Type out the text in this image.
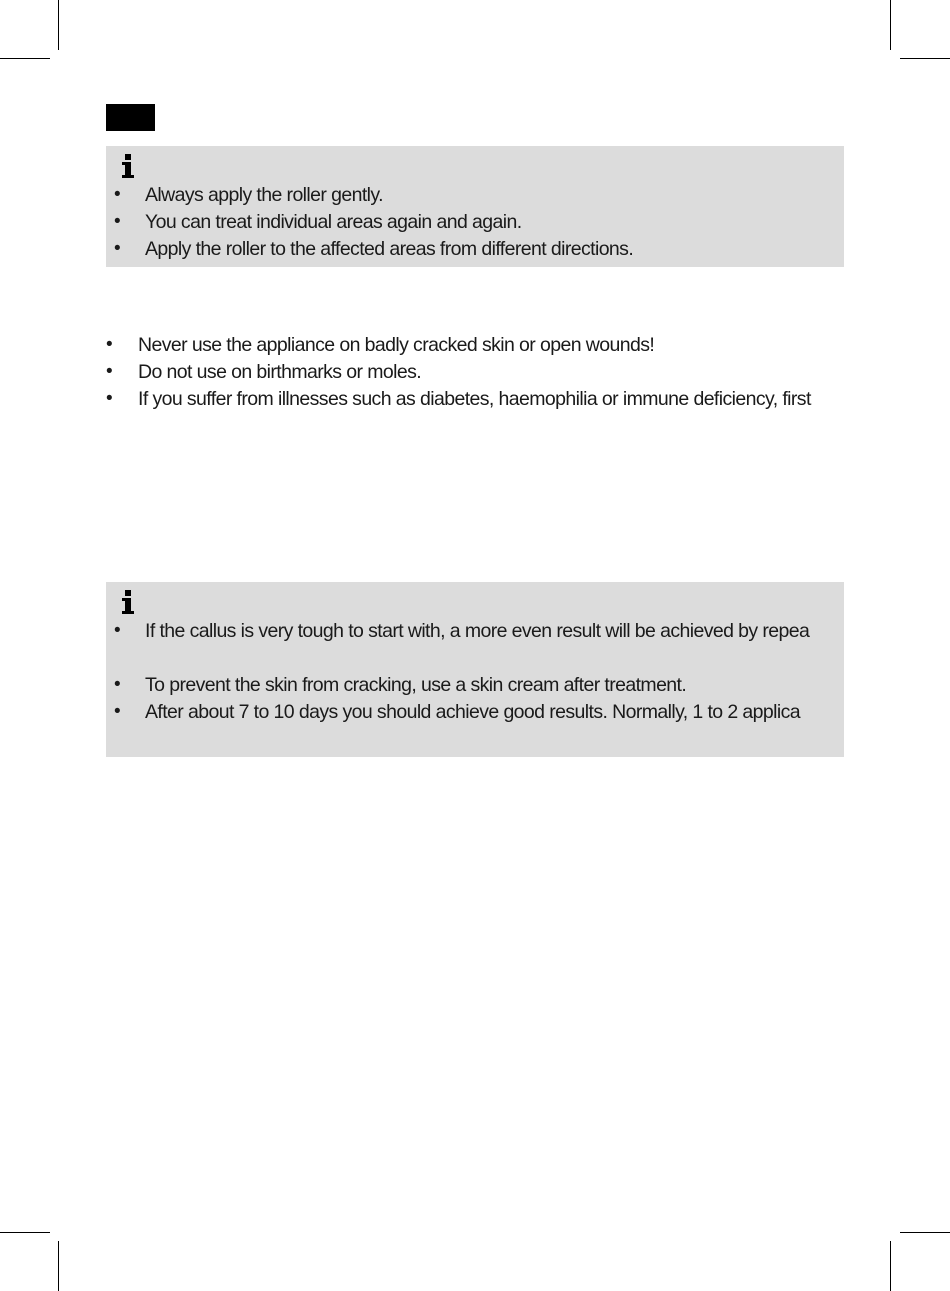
• Always apply the roller gently.
• You can treat individual areas again and again.
• Apply the roller to the affected areas from different directions.
• Never use the appliance on badly cracked skin or open wounds!
• Do not use on birthmarks or moles.
• If you suffer from illnesses such as diabetes, haemophilia or immune deficiency, first
• If the callus is very tough to start with, a more even result will be achieved by repea
• To prevent the skin from cracking, use a skin cream after treatment.
• After about 7 to 10 days you should achieve good results. Normally, 1 to 2 applica
